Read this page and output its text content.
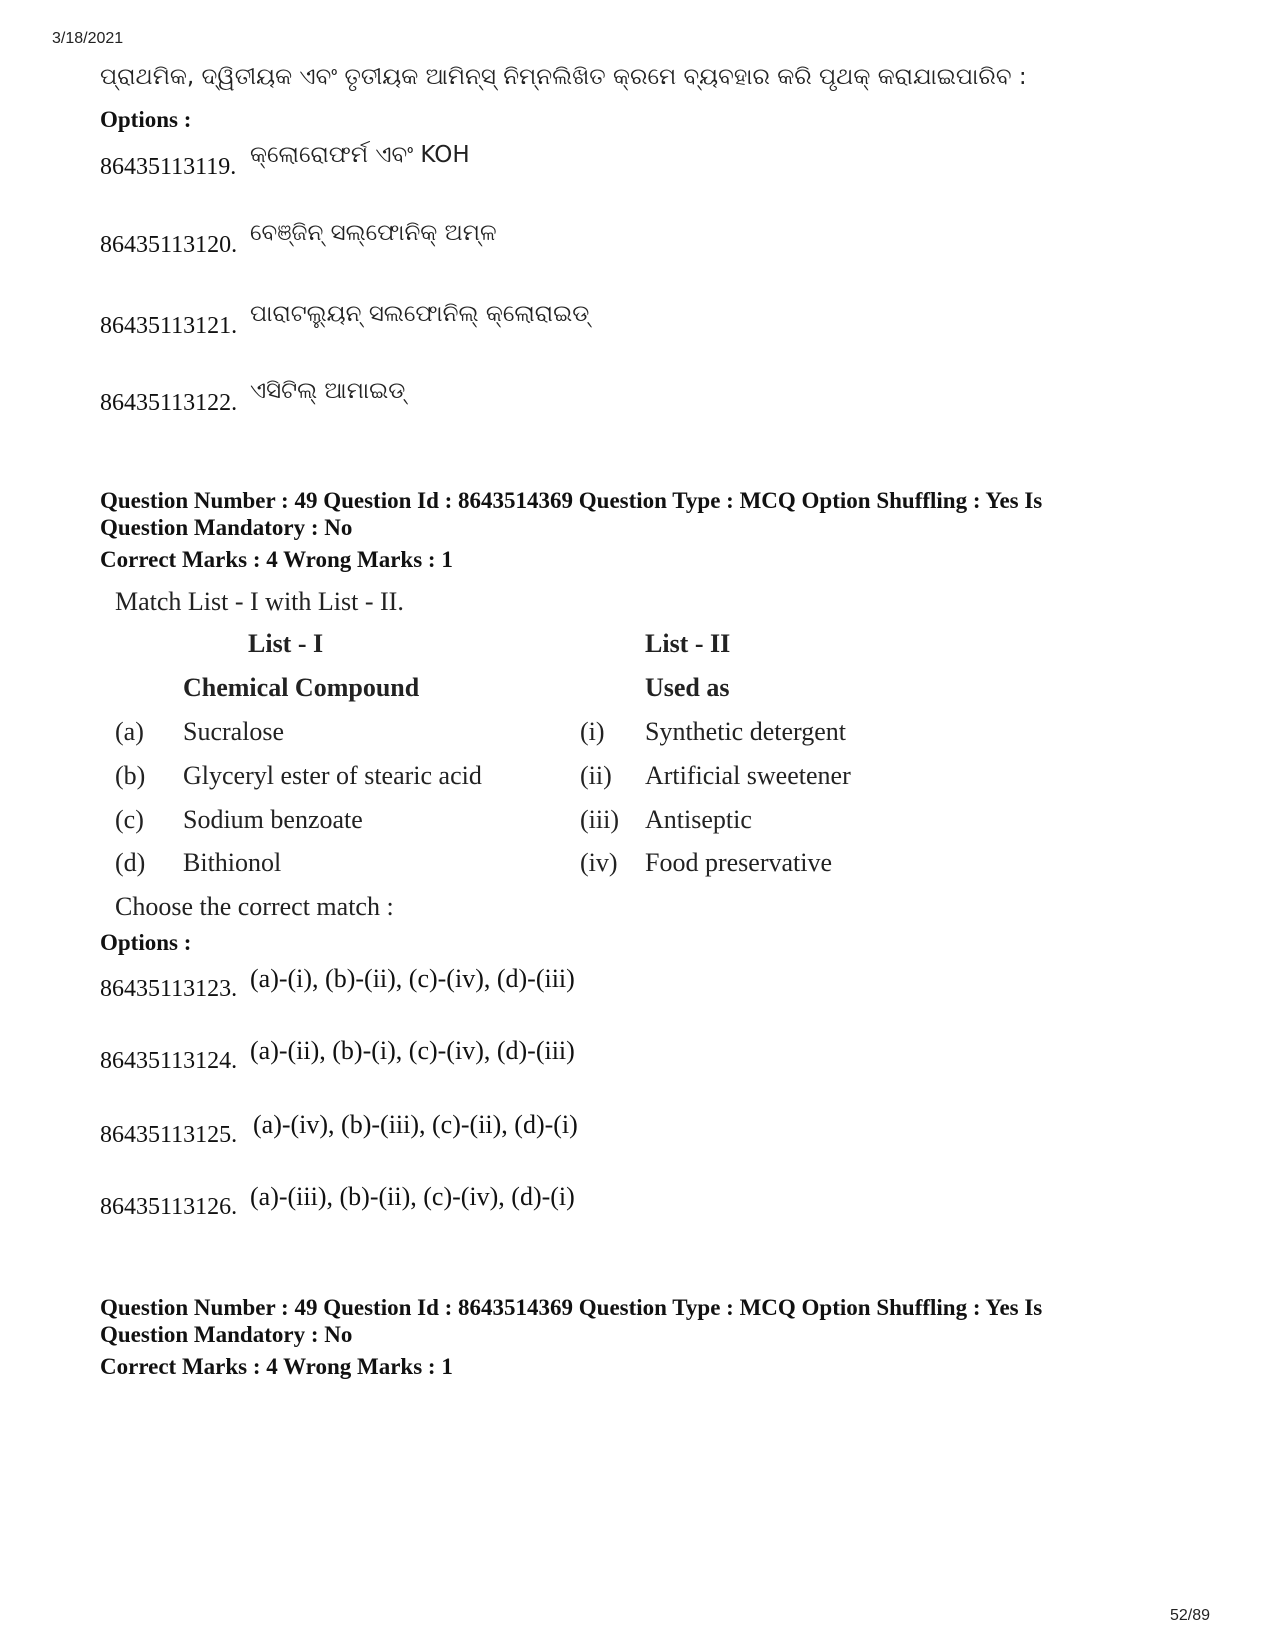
3/18/2021
ପ୍ରାଥମିକ, ଦ୍ୱିତୀୟକ ଏବଂ ତୃତୀୟକ ଆମିନ୍ସ୍ ନିମ୍ନଲିଖିତ କ୍ରମେ ବ୍ୟବହାର କରି ପୃଥକ୍ କରାଯାଇପାରିବ :
Options :
86435113119. କ୍ଲୋରୋଫର୍ମ ଏବଂ KOH
86435113120. ବେଞ୍ଜିନ୍ ସଲ୍‌ଫୋନିକ୍ ଅମ୍ଳ
86435113121. ପାରାଟଲ୍ୟୁନ୍ ସଲଫୋନିଲ୍ କ୍ଲୋରାଇଡ୍
86435113122. ଏସିଟିଲ୍ ଆମାଇଡ୍
Question Number : 49 Question Id : 8643514369 Question Type : MCQ Option Shuffling : Yes Is
Question Mandatory : No
Correct Marks : 4 Wrong Marks : 1
Match List - I with List - II.
List - I	List - II
Chemical Compound	Used as
(a) Sucralose	(i) Synthetic detergent
(b) Glyceryl ester of stearic acid	(ii) Artificial sweetener
(c) Sodium benzoate	(iii) Antiseptic
(d) Bithionol	(iv) Food preservative
Choose the correct match :
Options :
86435113123. (a)-(i), (b)-(ii), (c)-(iv), (d)-(iii)
86435113124. (a)-(ii), (b)-(i), (c)-(iv), (d)-(iii)
86435113125. (a)-(iv), (b)-(iii), (c)-(ii), (d)-(i)
86435113126. (a)-(iii), (b)-(ii), (c)-(iv), (d)-(i)
Question Number : 49 Question Id : 8643514369 Question Type : MCQ Option Shuffling : Yes Is
Question Mandatory : No
Correct Marks : 4 Wrong Marks : 1
52/89
